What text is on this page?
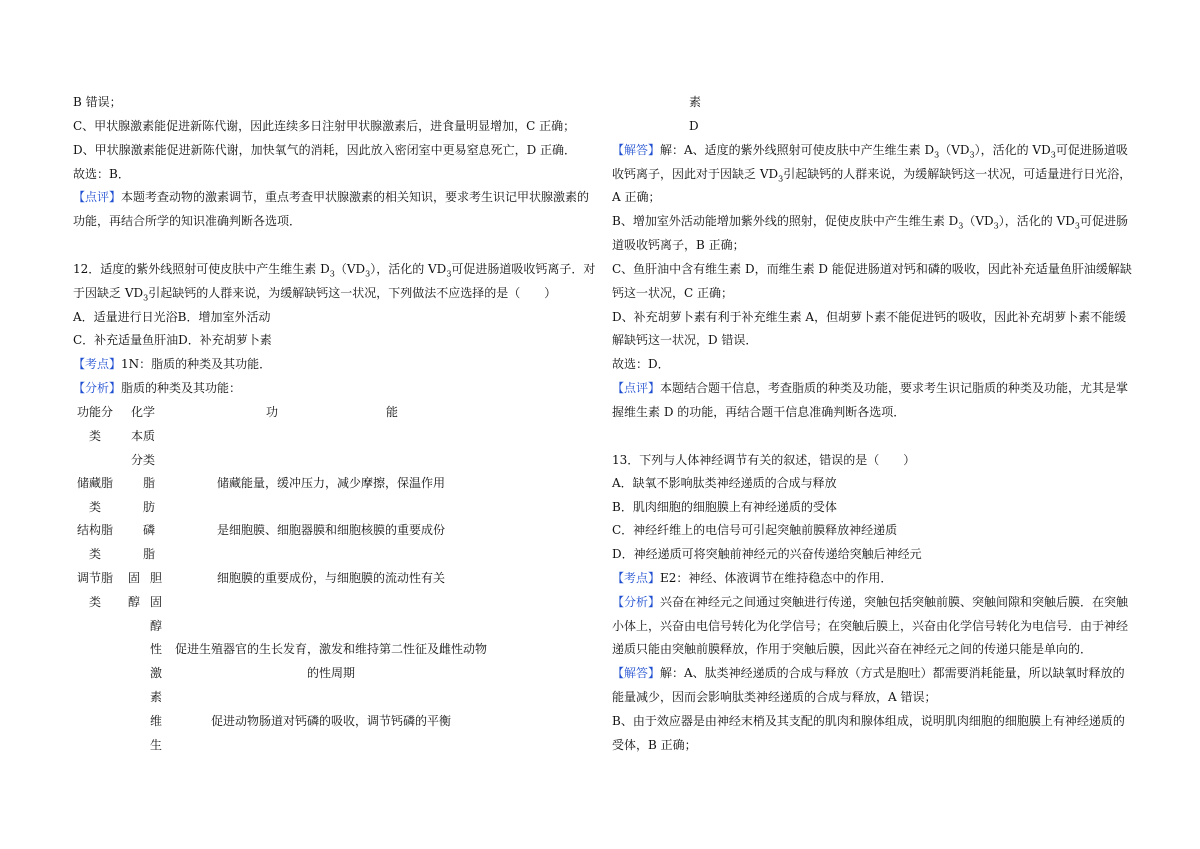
B 错误；
C、甲状腺激素能促进新陈代谢，因此连续多日注射甲状腺激素后，进食量明显增加，C 正确；
D、甲状腺激素能促进新陈代谢，加快氧气的消耗，因此放入密闭室中更易窒息死亡，D 正确．
故选：B．
【点评】本题考查动物的激素调节，重点考查甲状腺激素的相关知识，要求考生识记甲状腺激素的
功能，再结合所学的知识准确判断各选项．
12．适度的紫外线照射可使皮肤中产生维生素 $D_3(VD_3)$，活化的 $VD_3$可促进肠道吸收钙离子．对
于因缺乏 $VD_3$引起缺钙的人群来说，为缓解缺钙这一状况，下列做法不应选择的是（　　）
A．适量进行日光浴B．增加室外活动
C．补充适量鱼肝油D．补充胡萝卜素
【考点】1N：脂质的种类及其功能．
【分析】脂质的种类及其功能：
功能分
类
化学
本质
分类
功	能
储藏脂
类
脂
肪
储藏能量，缓冲压力，减少摩擦，保温作用
结构脂
类
磷
脂
是细胞膜、细胞器膜和细胞核膜的重要成份
调节脂
类
固
醇
胆
固
醇
细胞膜的重要成份，与细胞膜的流动性有关
性
激
素
促进生殖器官的生长发育，激发和维持第二性征及雌性动物
的性周期
维
生
促进动物肠道对钙磷的吸收，调节钙磷的平衡
素
D
【解答】解：A、适度的紫外线照射可使皮肤中产生维生素 $D_3(VD_3)$，活化的 $VD_3$可促进肠道吸
收钙离子，因此对于因缺乏 $VD_3$引起缺钙的人群来说，为缓解缺钙这一状况，可适量进行日光浴，
A 正确；
B、增加室外活动能增加紫外线的照射，促使皮肤中产生维生素 $D_3(VD_3)$，活化的 $VD_3$可促进肠
道吸收钙离子，B 正确；
C、鱼肝油中含有维生素 D，而维生素 D 能促进肠道对钙和磷的吸收，因此补充适量鱼肝油缓解缺
钙这一状况，C 正确；
D、补充胡萝卜素有利于补充维生素 A，但胡萝卜素不能促进钙的吸收，因此补充胡萝卜素不能缓
解缺钙这一状况，D 错误．
故选：D．
【点评】本题结合题干信息，考查脂质的种类及功能，要求考生识记脂质的种类及功能，尤其是掌
握维生素 D 的功能，再结合题干信息准确判断各选项．
13．下列与人体神经调节有关的叙述，错误的是（　　）
A．缺氧不影响肽类神经递质的合成与释放
B．肌肉细胞的细胞膜上有神经递质的受体
C．神经纤维上的电信号可引起突触前膜释放神经递质
D．神经递质可将突触前神经元的兴奋传递给突触后神经元
【考点】E2：神经、体液调节在维持稳态中的作用．
【分析】兴奋在神经元之间通过突触进行传递，突触包括突触前膜、突触间隙和突触后膜．在突触
小体上，兴奋由电信号转化为化学信号；在突触后膜上，兴奋由化学信号转化为电信号．由于神经
递质只能由突触前膜释放，作用于突触后膜，因此兴奋在神经元之间的传递只能是单向的．
【解答】解：A、肽类神经递质的合成与释放（方式是胞吐）都需要消耗能量，所以缺氧时释放的
能量减少，因而会影响肽类神经递质的合成与释放，A 错误；
B、由于效应器是由神经末梢及其支配的肌肉和腺体组成，说明肌肉细胞的细胞膜上有神经递质的
受体，B 正确；
